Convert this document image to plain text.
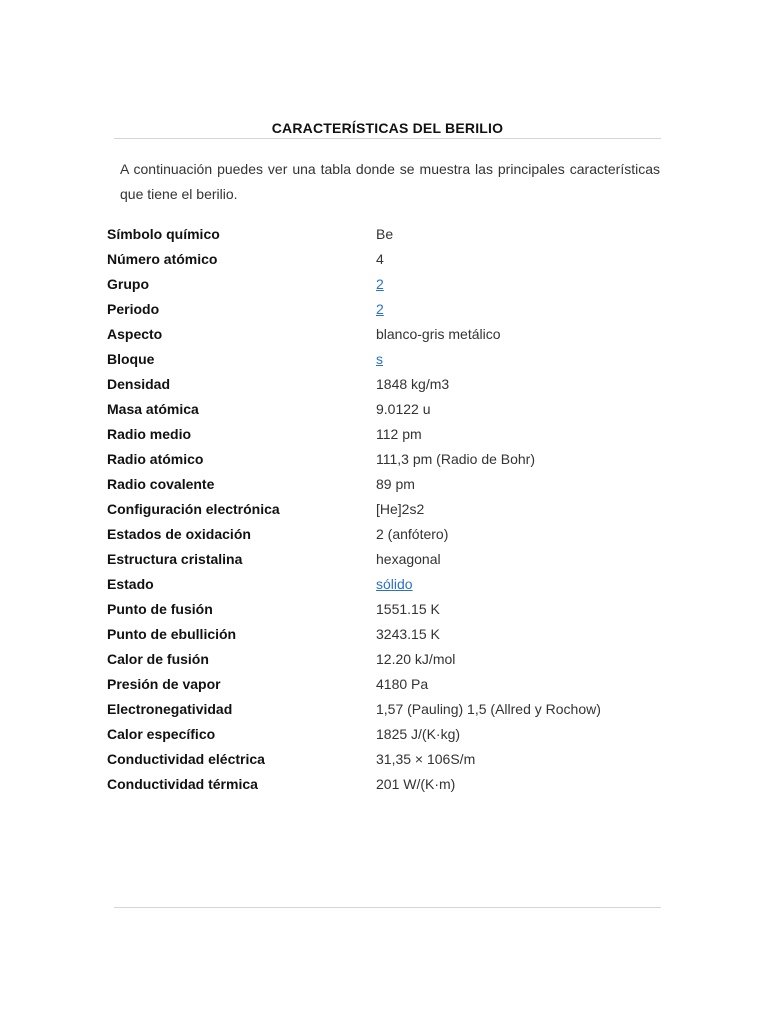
CARACTERÍSTICAS DEL BERILIO
A continuación puedes ver una tabla donde se muestra las principales características que tiene el berilio.
Símbolo químico	Be
Número atómico	4
Grupo	2
Periodo	2
Aspecto	blanco-gris metálico
Bloque	s
Densidad	1848 kg/m3
Masa atómica	9.0122 u
Radio medio	112 pm
Radio atómico	111,3 pm (Radio de Bohr)
Radio covalente	89 pm
Configuración electrónica	[He]2s2
Estados de oxidación	2 (anfótero)
Estructura cristalina	hexagonal
Estado	sólido
Punto de fusión	1551.15 K
Punto de ebullición	3243.15 K
Calor de fusión	12.20 kJ/mol
Presión de vapor	4180 Pa
Electronegatividad	1,57 (Pauling) 1,5 (Allred y Rochow)
Calor específico	1825 J/(K·kg)
Conductividad eléctrica	31,35 × 106S/m
Conductividad térmica	201 W/(K·m)
